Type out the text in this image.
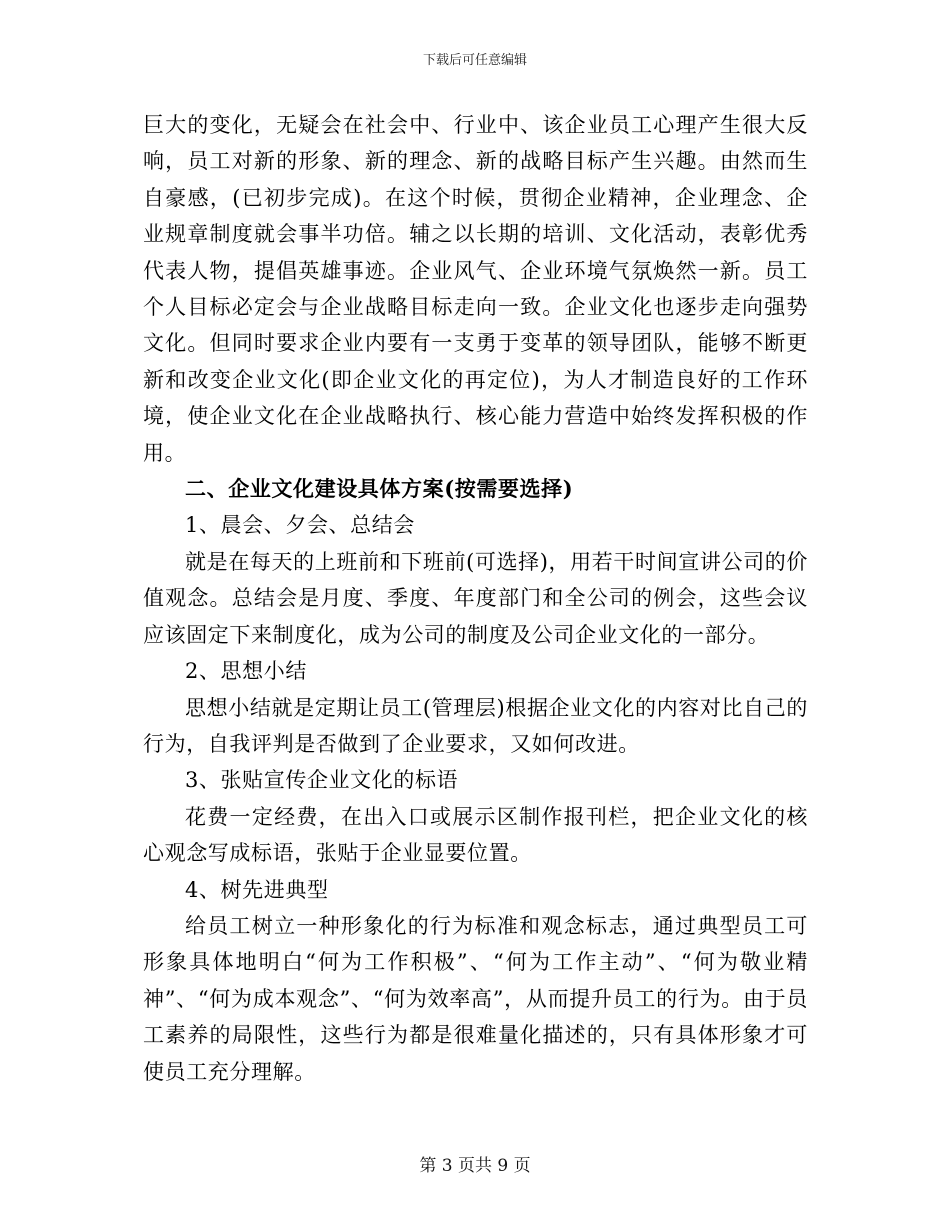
下载后可任意编辑

巨大的变化，无疑会在社会中、行业中、该企业员工心理产生很大反响，员工对新的形象、新的理念、新的战略目标产生兴趣。由然而生自豪感，(已初步完成)。在这个时候，贯彻企业精神，企业理念、企业规章制度就会事半功倍。辅之以长期的培训、文化活动，表彰优秀代表人物，提倡英雄事迹。企业风气、企业环境气氛焕然一新。员工个人目标必定会与企业战略目标走向一致。企业文化也逐步走向强势文化。但同时要求企业内要有一支勇于变革的领导团队，能够不断更新和改变企业文化(即企业文化的再定位)，为人才制造良好的工作环境，使企业文化在企业战略执行、核心能力营造中始终发挥积极的作用。

二、企业文化建设具体方案(按需要选择)

1、晨会、夕会、总结会

就是在每天的上班前和下班前(可选择)，用若干时间宣讲公司的价值观念。总结会是月度、季度、年度部门和全公司的例会，这些会议应该固定下来制度化，成为公司的制度及公司企业文化的一部分。

2、思想小结

思想小结就是定期让员工(管理层)根据企业文化的内容对比自己的行为，自我评判是否做到了企业要求，又如何改进。

3、张贴宣传企业文化的标语

花费一定经费，在出入口或展示区制作报刊栏，把企业文化的核心观念写成标语，张贴于企业显要位置。

4、树先进典型

给员工树立一种形象化的行为标准和观念标志，通过典型员工可形象具体地明白“何为工作积极”、“何为工作主动”、“何为敬业精神”、“何为成本观念”、“何为效率高”，从而提升员工的行为。由于员工素养的局限性，这些行为都是很难量化描述的，只有具体形象才可使员工充分理解。

第 3 页共 9 页
